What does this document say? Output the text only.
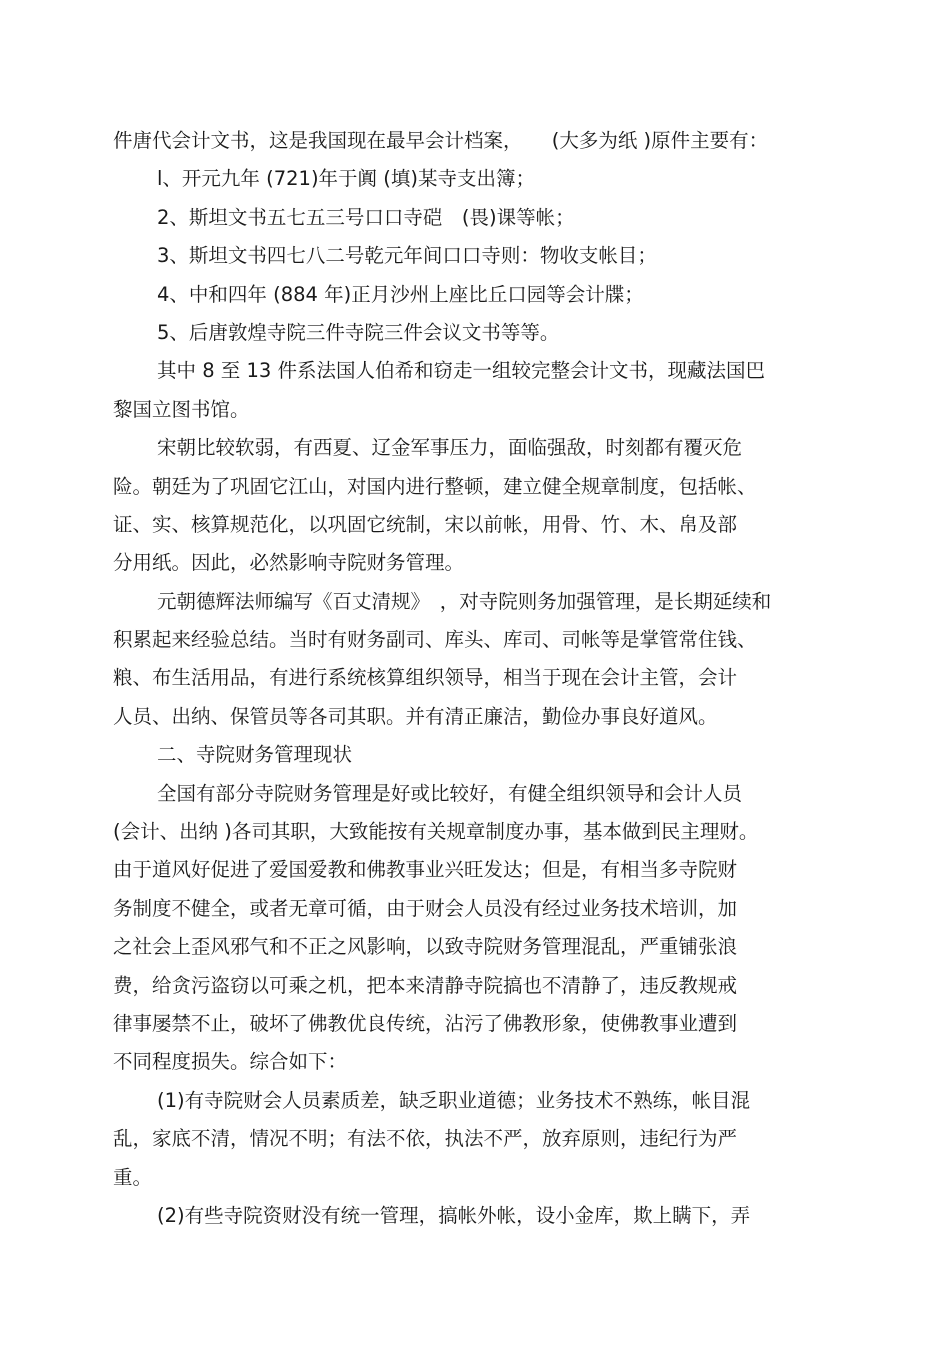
件唐代会计文书，这是我国现在最早会计档案，　　(大多为纸 )原件主要有：
l、开元九年 (721)年于阗 (填)某寺支出簿；
2、斯坦文书五七五三号口口寺硙　(畏)课等帐；
3、斯坦文书四七八二号乾元年间口口寺则：物收支帐目；
4、中和四年 (884 年)正月沙州上座比丘口园等会计牒；
5、后唐敦煌寺院三件寺院三件会议文书等等。
其中 8 至 13 件系法国人伯希和窃走一组较完整会计文书，现藏法国巴
黎国立图书馆。
宋朝比较软弱，有西夏、辽金军事压力，面临强敌，时刻都有覆灭危
险。朝廷为了巩固它江山，对国内进行整顿，建立健全规章制度，包括帐、
证、实、核算规范化，以巩固它统制，宋以前帐，用骨、竹、木、帛及部
分用纸。因此，必然影响寺院财务管理。
元朝德辉法师编写《百丈清规》　，对寺院则务加强管理，是长期延续和
积累起来经验总结。当时有财务副司、库头、库司、司帐等是掌管常住钱、
粮、布生活用品，有进行系统核算组织领导，相当于现在会计主管，会计
人员、出纳、保管员等各司其职。并有清正廉洁，勤俭办事良好道风。
二、寺院财务管理现状
全国有部分寺院财务管理是好或比较好，有健全组织领导和会计人员
(会计、出纳 )各司其职，大致能按有关规章制度办事，基本做到民主理财。
由于道风好促进了爱国爱教和佛教事业兴旺发达；但是，有相当多寺院财
务制度不健全，或者无章可循，由于财会人员没有经过业务技术培训，加
之社会上歪风邪气和不正之风影响，以致寺院财务管理混乱，严重铺张浪
费，给贪污盗窃以可乘之机，把本来清静寺院搞也不清静了，违反教规戒
律事屡禁不止，破坏了佛教优良传统，沾污了佛教形象，使佛教事业遭到
不同程度损失。综合如下：
(1)有寺院财会人员素质差，缺乏职业道德；业务技术不熟练，帐目混
乱，家底不清，情况不明；有法不依，执法不严，放弃原则，违纪行为严
重。
(2)有些寺院资财没有统一管理，搞帐外帐，设小金库，欺上瞒下，弄
